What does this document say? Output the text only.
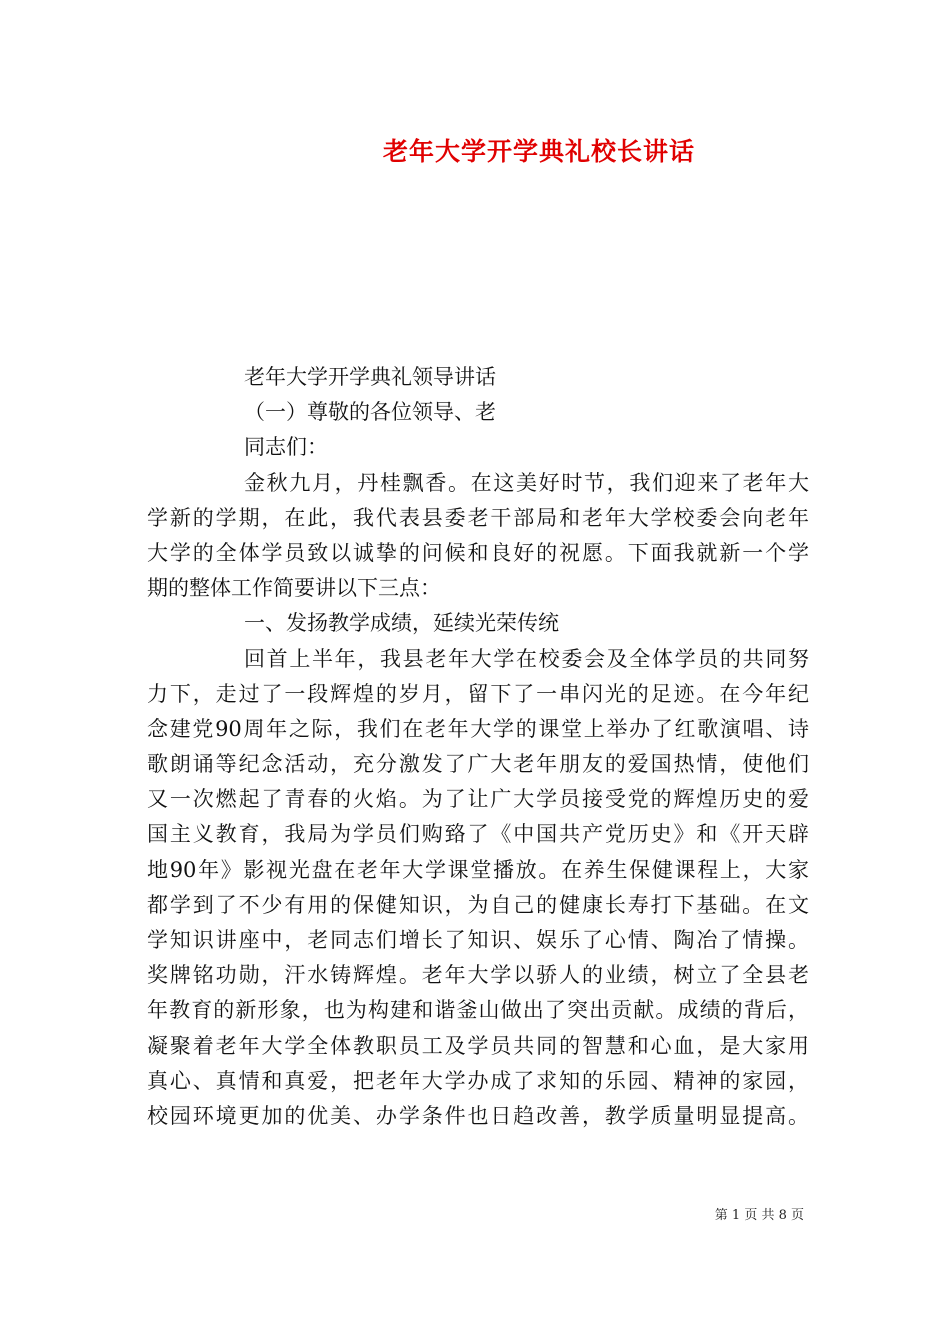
老年大学开学典礼校长讲话
老年大学开学典礼领导讲话
（一）尊敬的各位领导、老
同志们：
金秋九月，丹桂飘香。在这美好时节，我们迎来了老年大
学新的学期，在此，我代表县委老干部局和老年大学校委会向老年
大学的全体学员致以诚挚的问候和良好的祝愿。下面我就新一个学
期的整体工作简要讲以下三点：
一、发扬教学成绩，延续光荣传统
回首上半年，我县老年大学在校委会及全体学员的共同努
力下，走过了一段辉煌的岁月，留下了一串闪光的足迹。在今年纪
念建党90周年之际，我们在老年大学的课堂上举办了红歌演唱、诗
歌朗诵等纪念活动，充分激发了广大老年朋友的爱国热情，使他们
又一次燃起了青春的火焰。为了让广大学员接受党的辉煌历史的爱
国主义教育，我局为学员们购臵了《中国共产党历史》和《开天辟
地90年》影视光盘在老年大学课堂播放。在养生保健课程上，大家
都学到了不少有用的保健知识，为自己的健康长寿打下基础。在文
学知识讲座中，老同志们增长了知识、娱乐了心情、陶冶了情操。
奖牌铭功勋，汗水铸辉煌。老年大学以骄人的业绩，树立了全县老
年教育的新形象，也为构建和谐釜山做出了突出贡献。成绩的背后，
凝聚着老年大学全体教职员工及学员共同的智慧和心血，是大家用
真心、真情和真爱，把老年大学办成了求知的乐园、精神的家园，
校园环境更加的优美、办学条件也日趋改善，教学质量明显提高。
第 1 页 共 8 页
